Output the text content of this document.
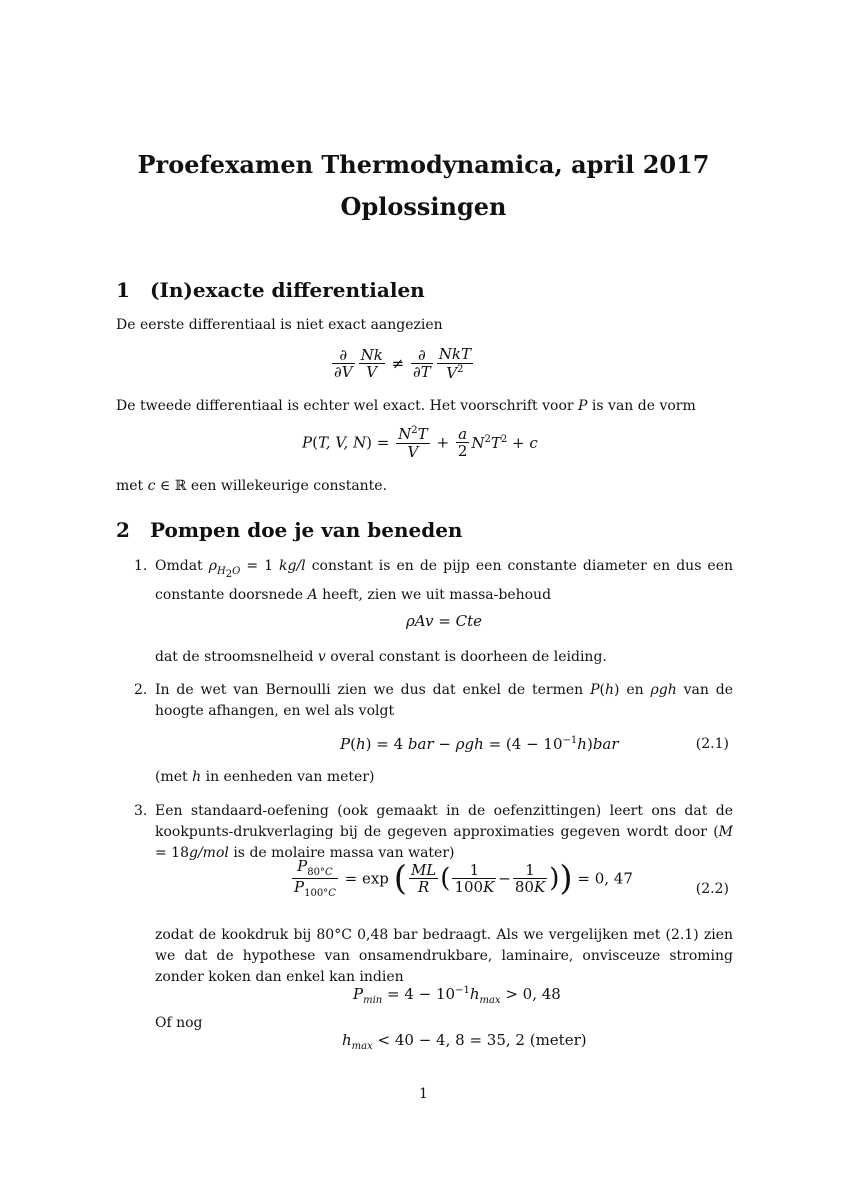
Proefexamen Thermodynamica, april 2017
Oplossingen
1 (In)exacte differentialen
De eerste differentiaal is niet exact aangezien
$\frac{\partial}{\partial V} \frac{Nk}{V} \ne \frac{\partial}{\partial T} \frac{\text{NkT}}{V^2}$
De tweede differentiaal is echter wel exact. Het voorschrift voor P is van de vorm
P(T, V, $N) = \frac{N^2T}{V} + \frac{a}{2} N^2T^2 + c$
met c ∈ ℝ een willekeurige constante.
2 Pompen doe je van beneden
1. Omdat $\rho_{H_2O} = 1$ kg/l constant is en de pijp een constante diameter en dus een constante doorsnede A heeft, zien we uit massa-behoud
ρAv = Cte
dat de stroomsnelheid v overal constant is doorheen de leiding.
2. In de wet van Bernoulli zien we dus dat enkel de termen P(h) en ρgh van de hoogte afhangen, en wel als volgt
P(h) = 4 bar − $\rho gh = (4 - 10^{-1}h)bar$	(2.1)
(met h in eenheden van meter)
3. Een standaard-oefening (ook gemaakt in de oefenzittingen) leert ons dat de kookpunts-drukverlaging bij de gegeven approximaties gegeven wordt door (M = 18g/mol is de molaire massa van water)
$\frac{P_{80^\circ C}}{P_{100^\circ C}} = \exp$ ( $\frac{ML}{R}$ ( $\frac{1}{100K} - \frac{1}{80K}$ )) = 0, 47
(2.2)
zodat de kookdruk bij 80°C 0,48 bar bedraagt. Als we vergelijken met (2.1) zien we dat de hypothese van onsamendrukbare, laminaire, onvisceuze stroming zonder koken dan enkel kan indien
$P_{min} = 4 - 10^{-1}h_{max} > 0$, 48
Of nog
$h_{max} < 40 - 4$, 8 = 35, 2 (meter)
1
